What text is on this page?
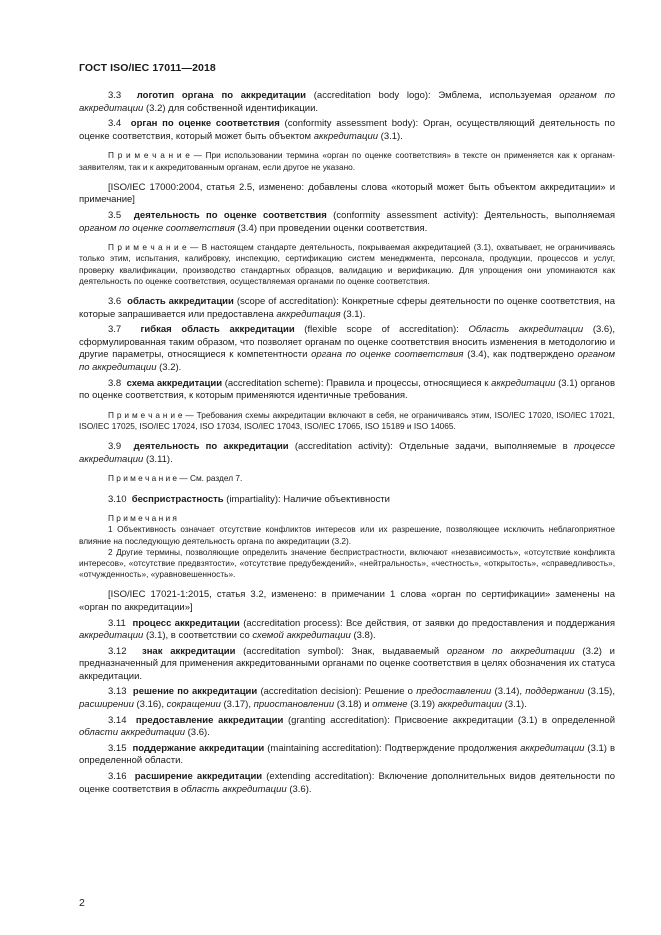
ГОСТ ISO/IEC 17011—2018

3.3 логотип органа по аккредитации (accreditation body logo): Эмблема, используемая органом по аккредитации (3.2) для собственной идентификации.

3.4 орган по оценке соответствия (conformity assessment body): Орган, осуществляющий деятельность по оценке соответствия, который может быть объектом аккредитации (3.1).

П р и м е ч а н и е — При использовании термина «орган по оценке соответствия» в тексте он применяется как к органам-заявителям, так и к аккредитованным органам, если другое не указано.

[ISO/IEC 17000:2004, статья 2.5, изменено: добавлены слова «который может быть объектом аккредитации» и примечание]

3.5 деятельность по оценке соответствия (conformity assessment activity): Деятельность, выполняемая органом по оценке соответствия (3.4) при проведении оценки соответствия.

П р и м е ч а н и е — В настоящем стандарте деятельность, покрываемая аккредитацией (3.1), охватывает, не ограничиваясь только этим, испытания, калибровку, инспекцию, сертификацию систем менеджмента, персонала, продукции, процессов и услуг, проверку квалификации, производство стандартных образцов, валидацию и верификацию. Для упрощения они упоминаются как деятельность по оценке соответствия, осуществляемая органами по оценке соответствия.

3.6 область аккредитации (scope of accreditation): Конкретные сферы деятельности по оценке соответствия, на которые запрашивается или предоставлена аккредитация (3.1).

3.7 гибкая область аккредитации (flexible scope of accreditation): Область аккредитации (3.6), сформулированная таким образом, что позволяет органам по оценке соответствия вносить изменения в методологию и другие параметры, относящиеся к компетентности органа по оценке соответствия (3.4), как подтверждено органом по аккредитации (3.2).

3.8 схема аккредитации (accreditation scheme): Правила и процессы, относящиеся к аккредитации (3.1) органов по оценке соответствия, к которым применяются идентичные требования.

П р и м е ч а н и е — Требования схемы аккредитации включают в себя, не ограничиваясь этим, ISO/IEC 17020, ISO/IEC 17021, ISO/IEC 17025, ISO/IEC 17024, ISO 17034, ISO/IEC 17043, ISO/IEC 17065, ISO 15189 и ISO 14065.

3.9 деятельность по аккредитации (accreditation activity): Отдельные задачи, выполняемые в процессе аккредитации (3.11).

П р и м е ч а н и е — См. раздел 7.

3.10 беспристрастность (impartiality): Наличие объективности

П р и м е ч а н и я

1 Объективность означает отсутствие конфликтов интересов или их разрешение, позволяющее исключить неблагоприятное влияние на последующую деятельность органа по аккредитации (3.2).

2 Другие термины, позволяющие определить значение беспристрастности, включают «независимость», «отсутствие конфликта интересов», «отсутствие предвзятости», «отсутствие предубеждений», «нейтральность», «честность», «открытость», «справедливость», «отчужденность», «уравновешенность».

[ISO/IEC 17021-1:2015, статья 3.2, изменено: в примечании 1 слова «орган по сертификации» заменены на «орган по аккредитации»]

3.11 процесс аккредитации (accreditation process): Все действия, от заявки до предоставления и поддержания аккредитации (3.1), в соответствии со схемой аккредитации (3.8).

3.12 знак аккредитации (accreditation symbol): Знак, выдаваемый органом по аккредитации (3.2) и предназначенный для применения аккредитованными органами по оценке соответствия в целях обозначения их статуса аккредитации.

3.13 решение по аккредитации (accreditation decision): Решение о предоставлении (3.14), поддержании (3.15), расширении (3.16), сокращении (3.17), приостановлении (3.18) и отмене (3.19) аккредитации (3.1).

3.14 предоставление аккредитации (granting accreditation): Присвоение аккредитации (3.1) в определенной области аккредитации (3.6).

3.15 поддержание аккредитации (maintaining accreditation): Подтверждение продолжения аккредитации (3.1) в определенной области.

3.16 расширение аккредитации (extending accreditation): Включение дополнительных видов деятельности по оценке соответствия в область аккредитации (3.6).

2
